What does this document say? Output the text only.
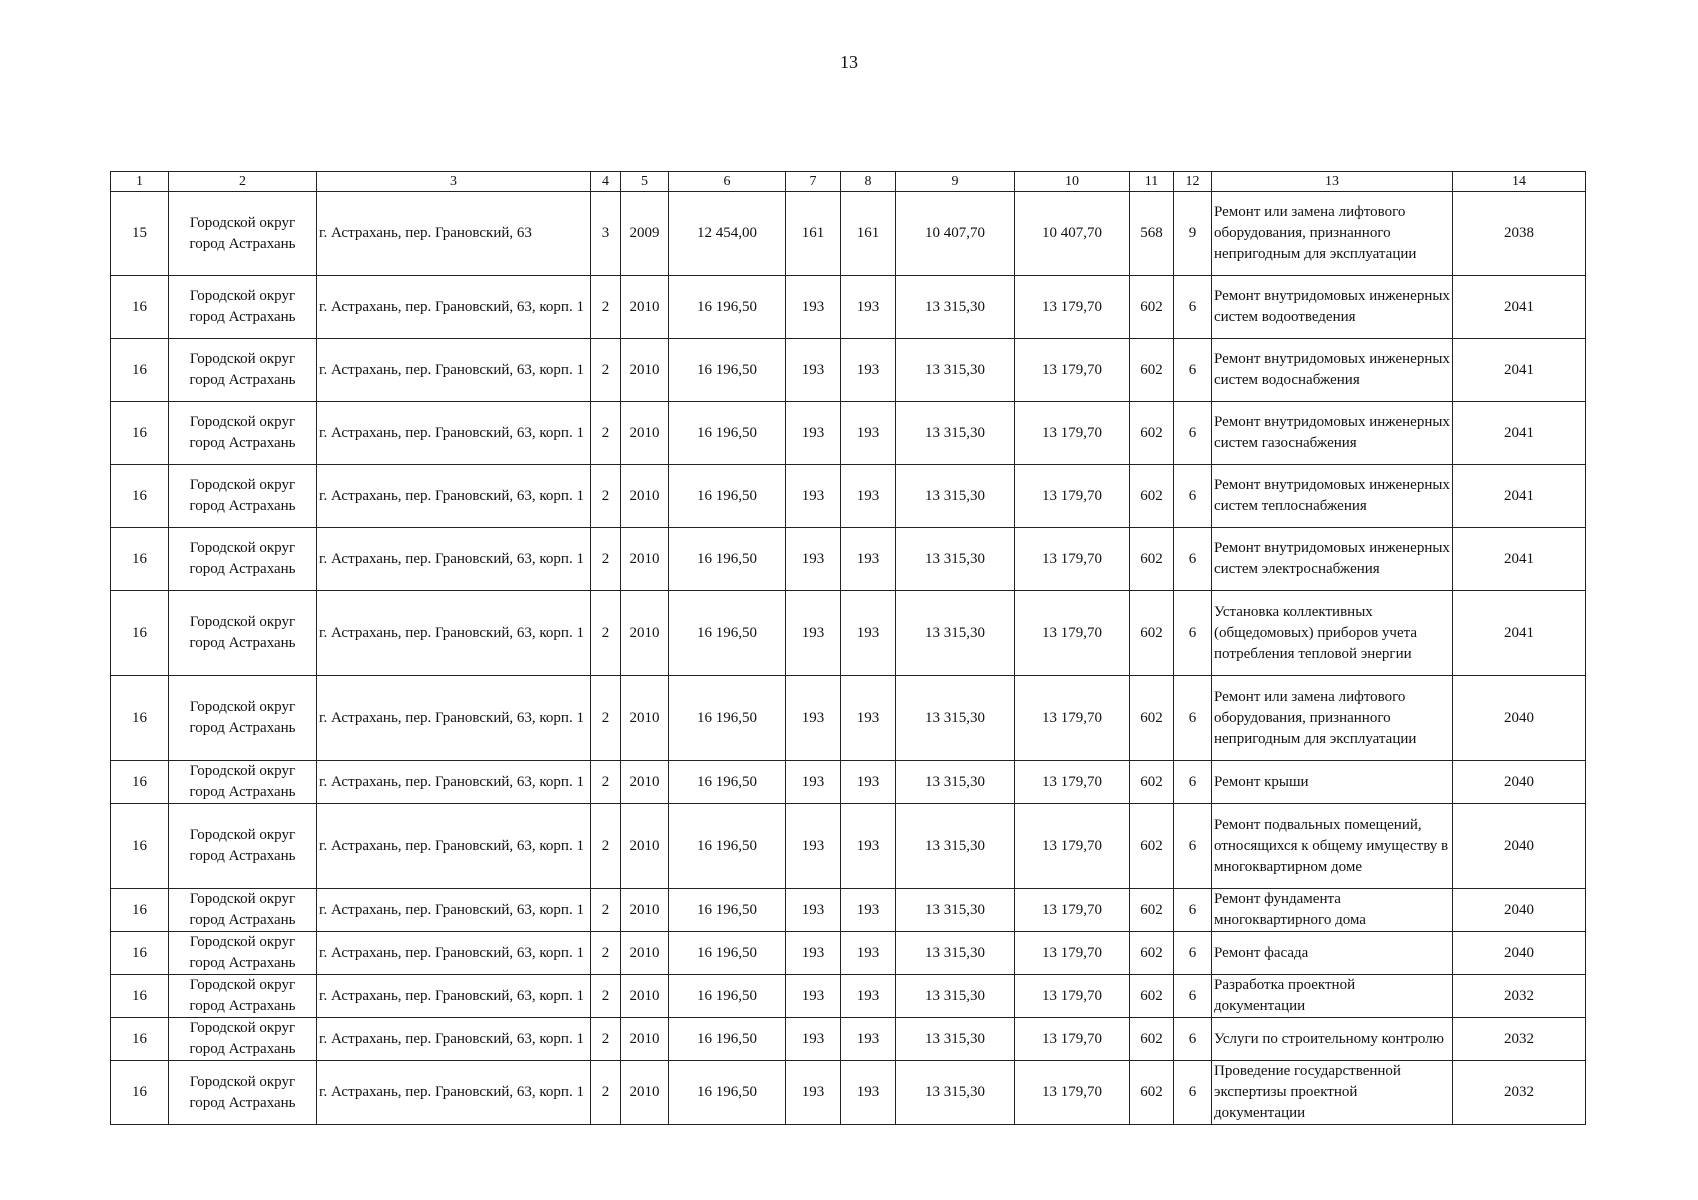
13
1	2	3	4	5	6	7	8	9	10	11	12	13	14
15	Городской округ город Астрахань	г. Астрахань, пер. Грановский, 63	3	2009	12 454,00	161	161	10 407,70	10 407,70	568	9	Ремонт или замена лифтового оборудования, признанного непригодным для эксплуатации	2038
16	Городской округ город Астрахань	г. Астрахань, пер. Грановский, 63, корп. 1	2	2010	16 196,50	193	193	13 315,30	13 179,70	602	6	Ремонт внутридомовых инженерных систем водоотведения	2041
16	Городской округ город Астрахань	г. Астрахань, пер. Грановский, 63, корп. 1	2	2010	16 196,50	193	193	13 315,30	13 179,70	602	6	Ремонт внутридомовых инженерных систем водоснабжения	2041
16	Городской округ город Астрахань	г. Астрахань, пер. Грановский, 63, корп. 1	2	2010	16 196,50	193	193	13 315,30	13 179,70	602	6	Ремонт внутридомовых инженерных систем газоснабжения	2041
16	Городской округ город Астрахань	г. Астрахань, пер. Грановский, 63, корп. 1	2	2010	16 196,50	193	193	13 315,30	13 179,70	602	6	Ремонт внутридомовых инженерных систем теплоснабжения	2041
16	Городской округ город Астрахань	г. Астрахань, пер. Грановский, 63, корп. 1	2	2010	16 196,50	193	193	13 315,30	13 179,70	602	6	Ремонт внутридомовых инженерных систем электроснабжения	2041
16	Городской округ город Астрахань	г. Астрахань, пер. Грановский, 63, корп. 1	2	2010	16 196,50	193	193	13 315,30	13 179,70	602	6	Установка коллективных (общедомовых) приборов учета потребления тепловой энергии	2041
16	Городской округ город Астрахань	г. Астрахань, пер. Грановский, 63, корп. 1	2	2010	16 196,50	193	193	13 315,30	13 179,70	602	6	Ремонт или замена лифтового оборудования, признанного непригодным для эксплуатации	2040
16	Городской округ город Астрахань	г. Астрахань, пер. Грановский, 63, корп. 1	2	2010	16 196,50	193	193	13 315,30	13 179,70	602	6	Ремонт крыши	2040
16	Городской округ город Астрахань	г. Астрахань, пер. Грановский, 63, корп. 1	2	2010	16 196,50	193	193	13 315,30	13 179,70	602	6	Ремонт подвальных помещений, относящихся к общему имуществу в многоквартирном доме	2040
16	Городской округ город Астрахань	г. Астрахань, пер. Грановский, 63, корп. 1	2	2010	16 196,50	193	193	13 315,30	13 179,70	602	6	Ремонт фундамента многоквартирного дома	2040
16	Городской округ город Астрахань	г. Астрахань, пер. Грановский, 63, корп. 1	2	2010	16 196,50	193	193	13 315,30	13 179,70	602	6	Ремонт фасада	2040
16	Городской округ город Астрахань	г. Астрахань, пер. Грановский, 63, корп. 1	2	2010	16 196,50	193	193	13 315,30	13 179,70	602	6	Разработка проектной документации	2032
16	Городской округ город Астрахань	г. Астрахань, пер. Грановский, 63, корп. 1	2	2010	16 196,50	193	193	13 315,30	13 179,70	602	6	Услуги по строительному контролю	2032
16	Городской округ город Астрахань	г. Астрахань, пер. Грановский, 63, корп. 1	2	2010	16 196,50	193	193	13 315,30	13 179,70	602	6	Проведение государственной экспертизы проектной документации	2032
